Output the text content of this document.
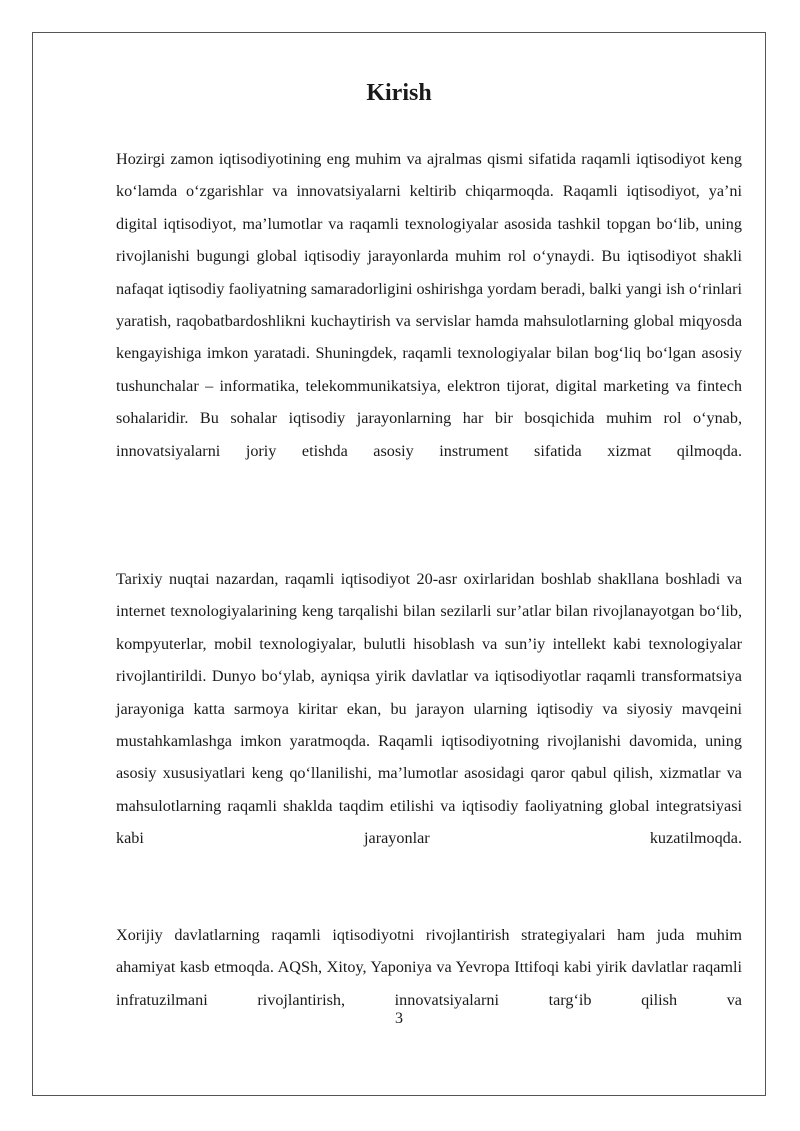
Kirish

Hozirgi zamon iqtisodiyotining eng muhim va ajralmas qismi sifatida raqamli iqtisodiyot keng ko‘lamda o‘zgarishlar va innovatsiyalarni keltirib chiqarmoqda. Raqamli iqtisodiyot, ya’ni digital iqtisodiyot, ma’lumotlar va raqamli texnologiyalar asosida tashkil topgan bo‘lib, uning rivojlanishi bugungi global iqtisodiy jarayonlarda muhim rol o‘ynaydi. Bu iqtisodiyot shakli nafaqat iqtisodiy faoliyatning samaradorligini oshirishga yordam beradi, balki yangi ish o‘rinlari yaratish, raqobatbardoshlikni kuchaytirish va servislar hamda mahsulotlarning global miqyosda kengayishiga imkon yaratadi. Shuningdek, raqamli texnologiyalar bilan bog‘liq bo‘lgan asosiy tushunchalar – informatika, telekommunikatsiya, elektron tijorat, digital marketing va fintech sohalaridir. Bu sohalar iqtisodiy jarayonlarning har bir bosqichida muhim rol o‘ynab, innovatsiyalarni joriy etishda asosiy instrument sifatida xizmat qilmoqda.

Tarixiy nuqtai nazardan, raqamli iqtisodiyot 20-asr oxirlaridan boshlab shakllana boshladi va internet texnologiyalarining keng tarqalishi bilan sezilarli sur’atlar bilan rivojlanayotgan bo‘lib, kompyuterlar, mobil texnologiyalar, bulutli hisoblash va sun’iy intellekt kabi texnologiyalar rivojlantirildi. Dunyo bo‘ylab, ayniqsa yirik davlatlar va iqtisodiyotlar raqamli transformatsiya jarayoniga katta sarmoya kiritar ekan, bu jarayon ularning iqtisodiy va siyosiy mavqeini mustahkamlashga imkon yaratmoqda. Raqamli iqtisodiyotning rivojlanishi davomida, uning asosiy xususiyatlari keng qo‘llanilishi, ma’lumotlar asosidagi qaror qabul qilish, xizmatlar va mahsulotlarning raqamli shaklda taqdim etilishi va iqtisodiy faoliyatning global integratsiyasi kabi jarayonlar kuzatilmoqda.

Xorijiy davlatlarning raqamli iqtisodiyotni rivojlantirish strategiyalari ham juda muhim ahamiyat kasb etmoqda. AQSh, Xitoy, Yaponiya va Yevropa Ittifoqi kabi yirik davlatlar raqamli infratuzilmani rivojlantirish, innovatsiyalarni targ‘ib qilish va

3
